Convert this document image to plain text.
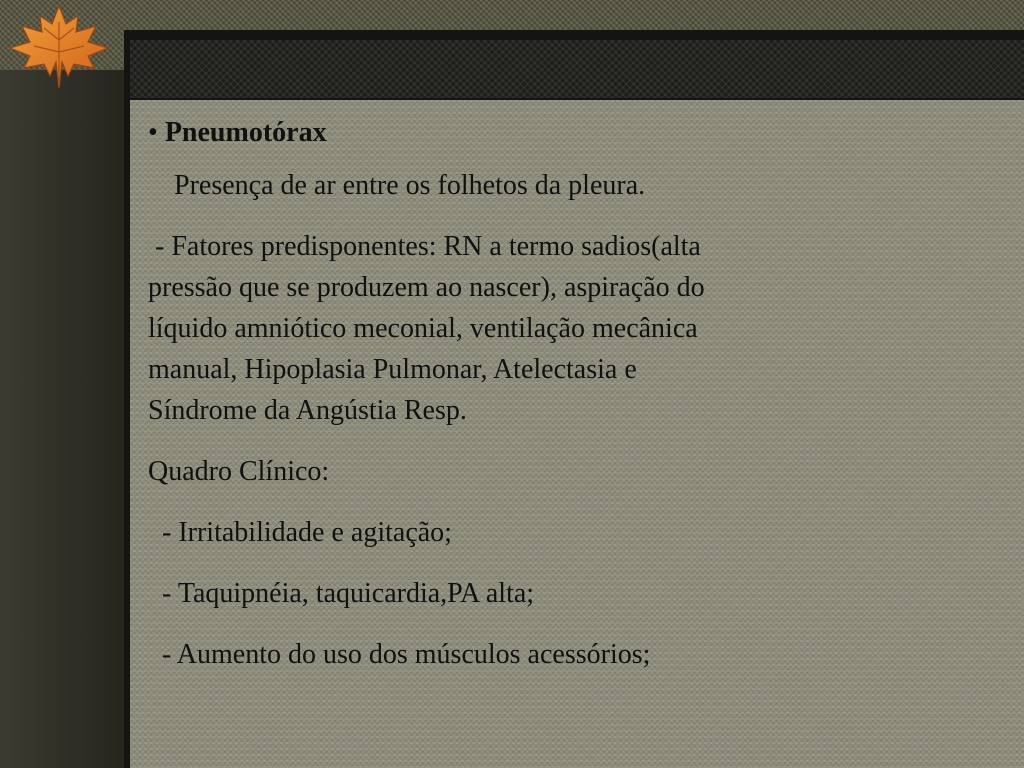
• Pneumotórax

Presença de ar entre os folhetos da pleura.

- Fatores predisponentes: RN a termo sadios(alta

pressão que se produzem ao nascer), aspiração do

líquido amniótico meconial, ventilação mecânica

manual, Hipoplasia Pulmonar, Atelectasia e

Síndrome da Angústia Resp.

Quadro Clínico:

- Irritabilidade e agitação;

- Taquipnéia, taquicardia,PA alta;

- Aumento do uso dos músculos acessórios;
